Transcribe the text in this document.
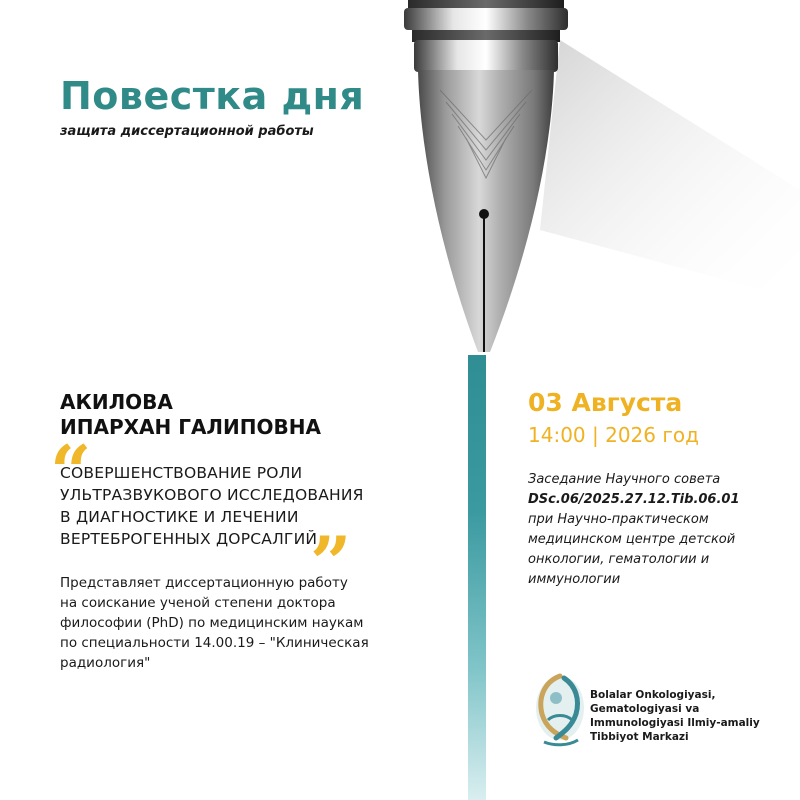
Повестка дня
защита диссертационной работы
АКИЛОВА
ИПАРХАН ГАЛИПОВНА
“
”
СОВЕРШЕНСТВОВАНИЕ РОЛИ
УЛЬТРАЗВУКОВОГО ИССЛЕДОВАНИЯ
В ДИАГНОСТИКЕ И ЛЕЧЕНИИ
ВЕРТЕБРОГЕННЫХ ДОРСАЛГИЙ
Представляет диссертационную работу
на соискание ученой степени доктора
философии (PhD) по медицинским наукам
по специальности 14.00.19 – "Клиническая
радиология"
03 Августа
14:00 | 2026 год
Заседание Научного совета
DSc.06/2025.27.12.Tib.06.01
при Научно-практическом
медицинском центре детской
онкологии, гематологии и
иммунологии
Bolalar Onkologiyasi,
Gematologiyasi va
Immunologiyasi Ilmiy-amaliy
Tibbiyot Markazi
